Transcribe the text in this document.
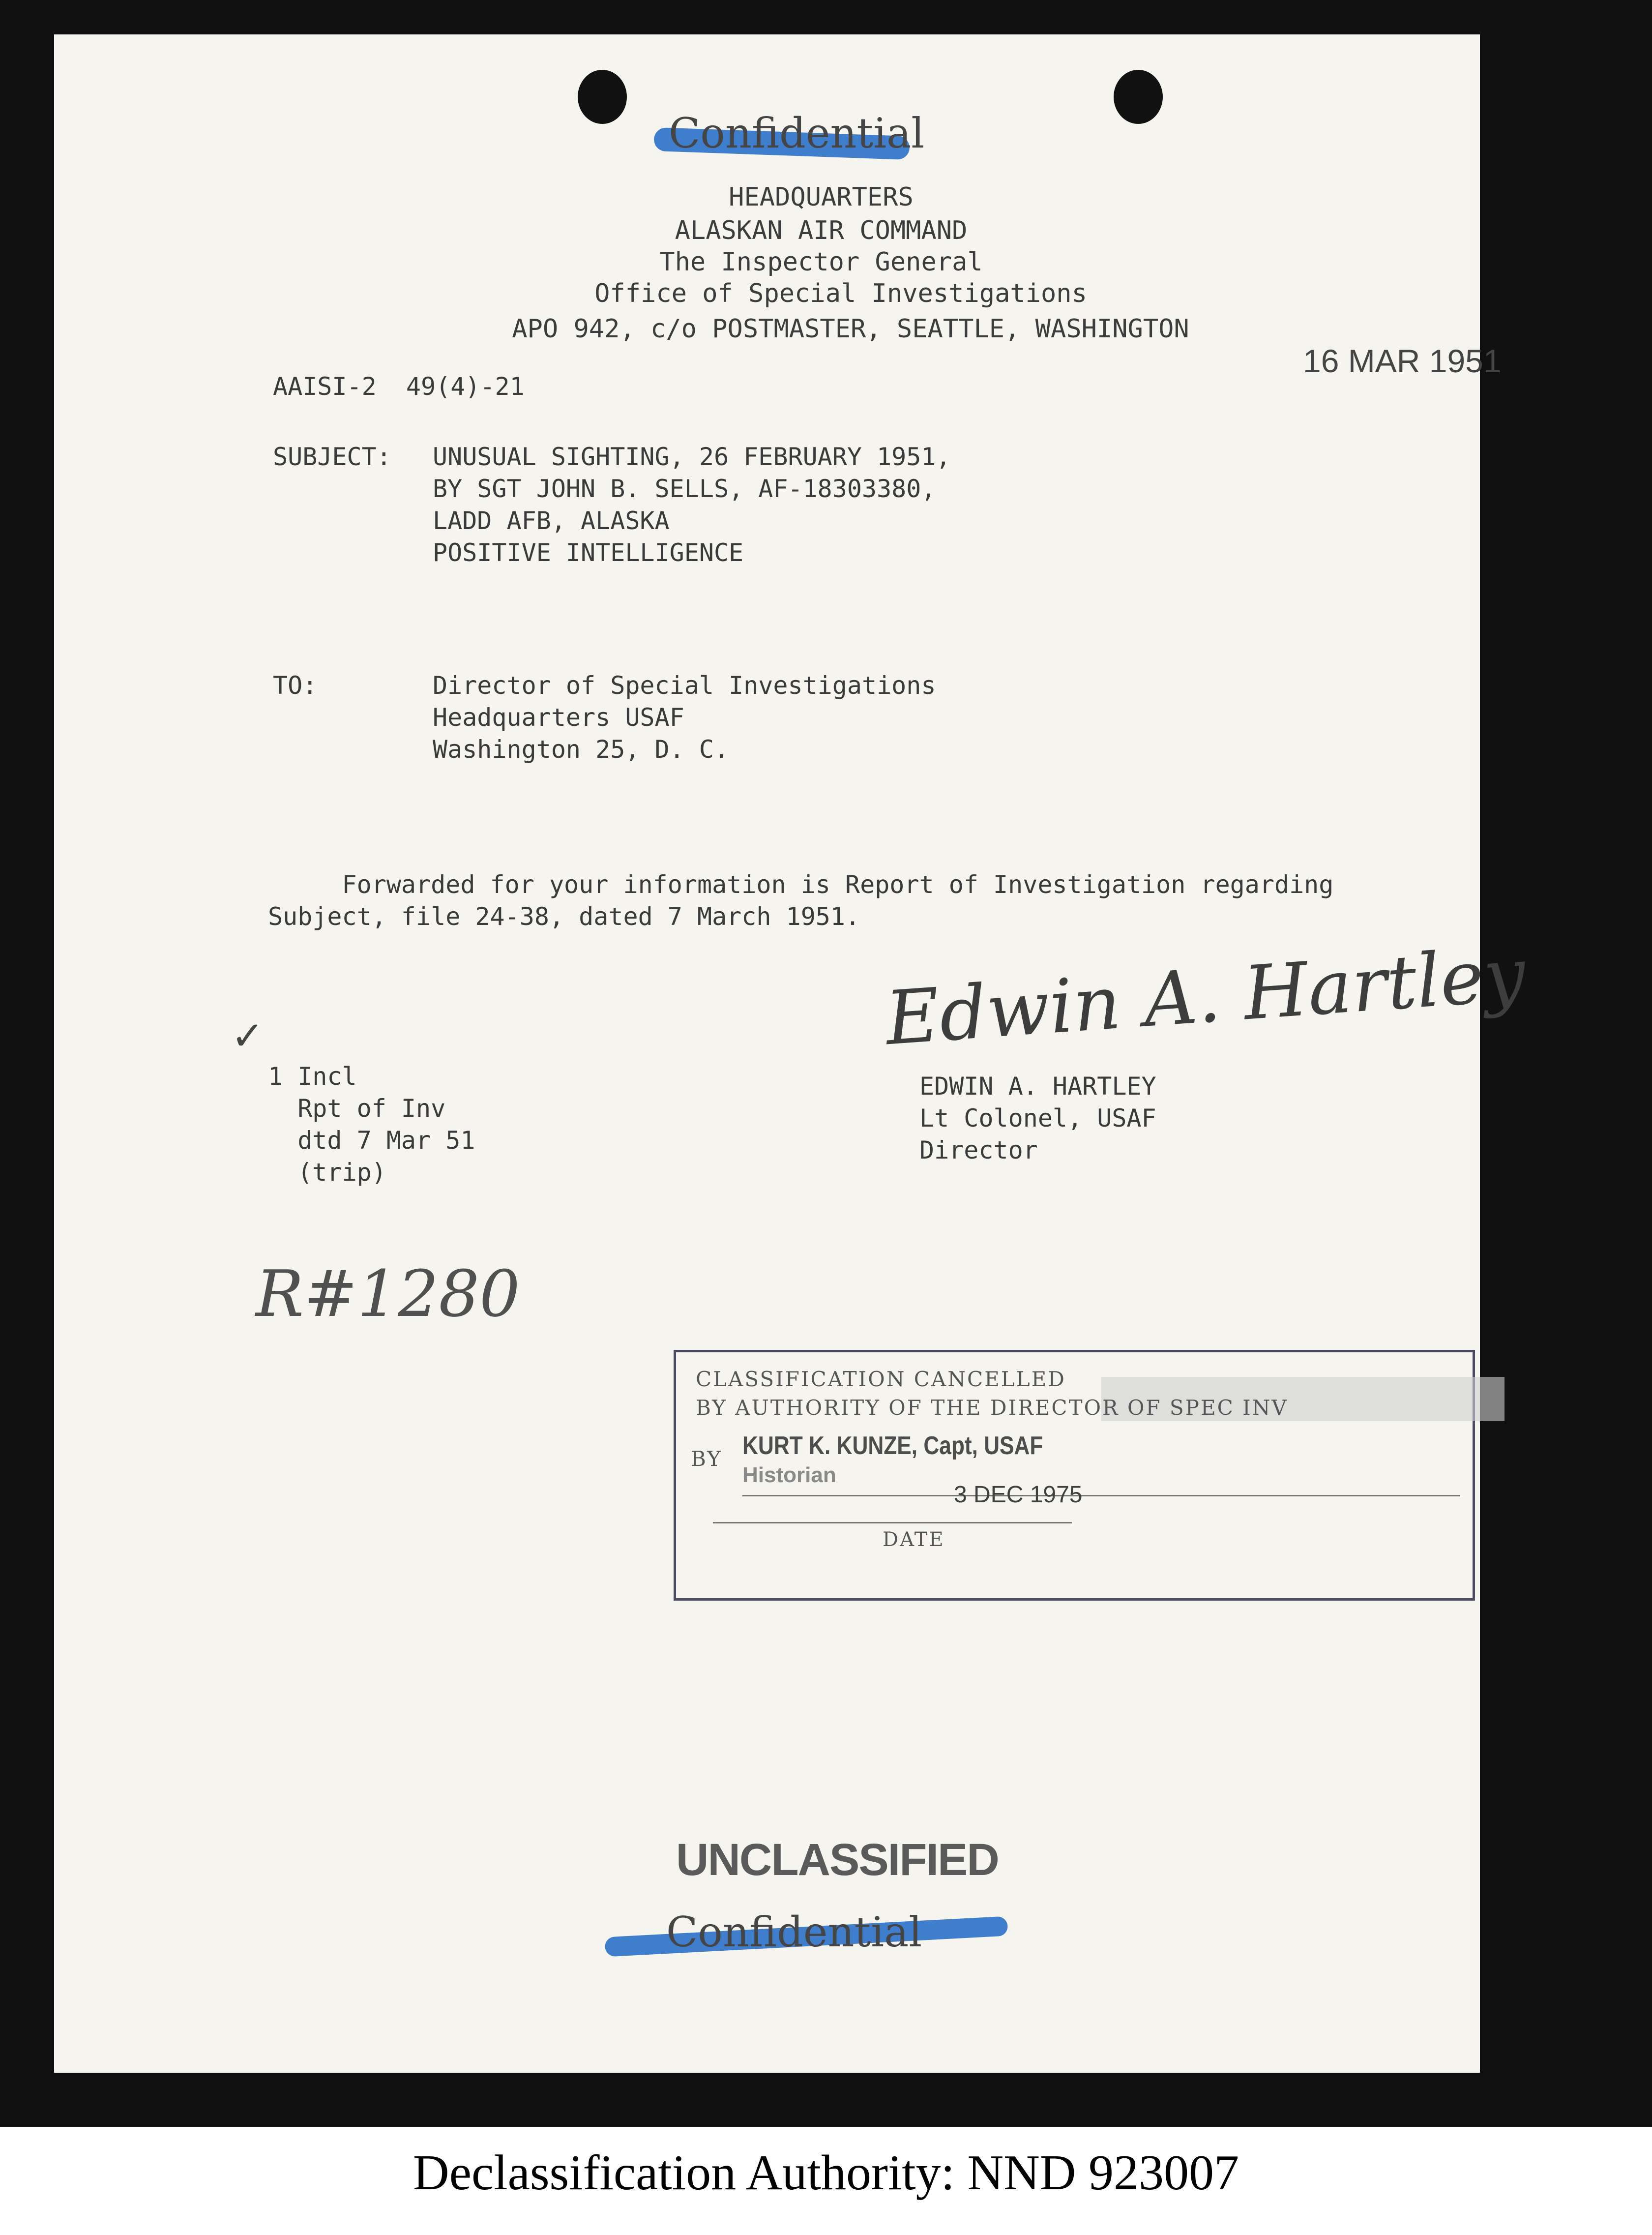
Confidential
HEADQUARTERS
ALASKAN AIR COMMAND
The Inspector General
Office of Special Investigations
APO 942, c/o POSTMASTER, SEATTLE, WASHINGTON
16 MAR 1951
AAISI-2  49(4)-21
SUBJECT: UNUSUAL SIGHTING, 26 FEBRUARY 1951,
BY SGT JOHN B. SELLS, AF-18303380,
LADD AFB, ALASKA
POSITIVE INTELLIGENCE
TO:	Director of Special Investigations
Headquarters USAF
Washington 25, D. C.
Forwarded for your information is Report of Investigation regarding
Subject, file 24-38, dated 7 March 1951.
✓
1 Incl
Rpt of Inv
dtd 7 Mar 51
(trip)
Edwin A. Hartley
EDWIN A. HARTLEY
Lt Colonel, USAF
Director
R#1280
CLASSIFICATION CANCELLED
BY AUTHORITY OF THE DIRECTOR OF SPEC INV
BY KURT K. KUNZE, Capt, USAF
Historian
3 DEC 1975
DATE
UNCLASSIFIED
Confidential
Declassification Authority: NND 923007
